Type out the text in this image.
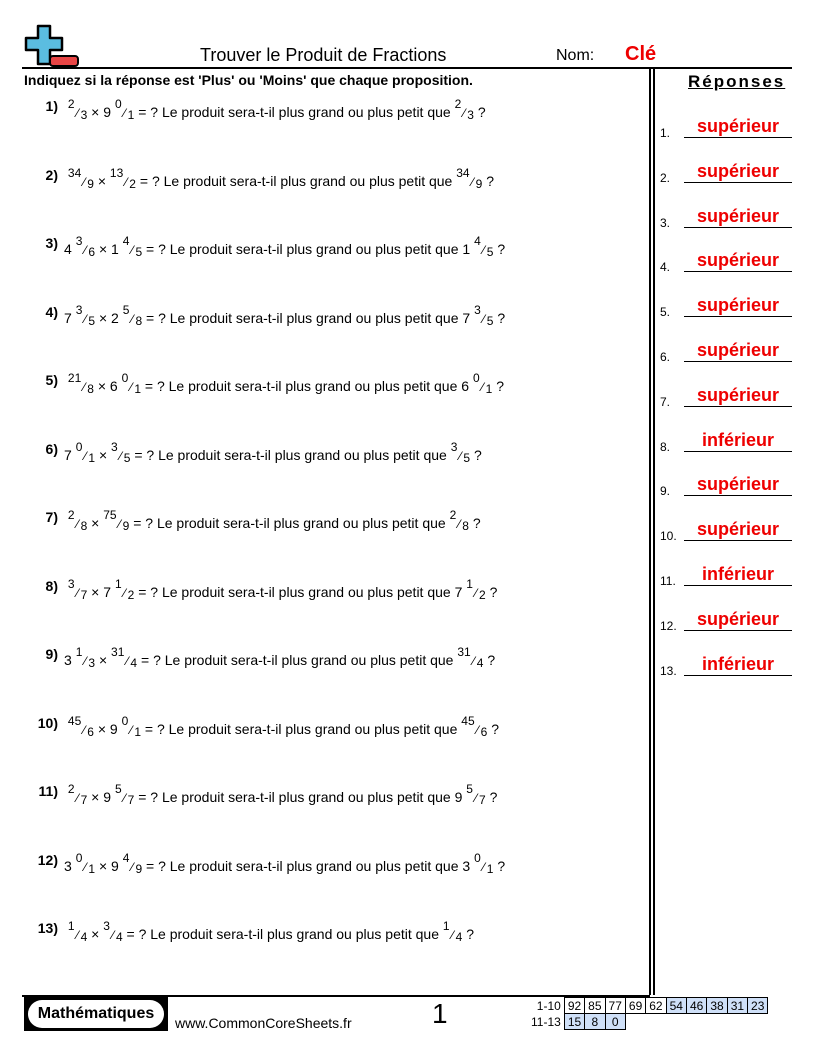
Trouver le Produit de Fractions	Nom: Clé
Indiquez si la réponse est 'Plus' ou 'Moins' que chaque proposition.	Réponses
1) $^2$⁄ $_3$ × 9 $^0$⁄ $_1$ = ? Le produit sera-t-il plus grand ou plus petit que $^2$⁄ $_3$ ?
2) $^{34}$⁄ $_9$ × $^{13}$⁄ $_2$ = ? Le produit sera-t-il plus grand ou plus petit que $^{34}$⁄ $_9$ ?
3) 4 $^3$⁄ $_6$ × 1 $^4$⁄ $_5$ = ? Le produit sera-t-il plus grand ou plus petit que 1 $^4$⁄ $_5$ ?
4) 7 $^3$⁄ $_5$ × 2 $^5$⁄ $_8$ = ? Le produit sera-t-il plus grand ou plus petit que 7 $^3$⁄ $_5$ ?
5) $^{21}$⁄ $_8$ × 6 $^0$⁄ $_1$ = ? Le produit sera-t-il plus grand ou plus petit que 6 $^0$⁄ $_1$ ?
6) 7 $^0$⁄ $_1$ × $^3$⁄ $_5$ = ? Le produit sera-t-il plus grand ou plus petit que $^3$⁄ $_5$ ?
7) $^2$⁄ $_8$ × $^{75}$⁄ $_9$ = ? Le produit sera-t-il plus grand ou plus petit que $^2$⁄ $_8$ ?
8) $^3$⁄ $_7$ × 7 $^1$⁄ $_2$ = ? Le produit sera-t-il plus grand ou plus petit que 7 $^1$⁄ $_2$ ?
9) 3 $^1$⁄ $_3$ × $^{31}$⁄ $_4$ = ? Le produit sera-t-il plus grand ou plus petit que $^{31}$⁄ $_4$ ?
10) $^{45}$⁄ $_6$ × 9 $^0$⁄ $_1$ = ? Le produit sera-t-il plus grand ou plus petit que $^{45}$⁄ $_6$ ?
11) $^2$⁄ $_7$ × 9 $^5$⁄ $_7$ = ? Le produit sera-t-il plus grand ou plus petit que 9 $^5$⁄ $_7$ ?
12) 3 $^0$⁄ $_1$ × 9 $^4$⁄ $_9$ = ? Le produit sera-t-il plus grand ou plus petit que 3 $^0$⁄ $_1$ ?
13) $^1$⁄ $_4$ × $^3$⁄ $_4$ = ? Le produit sera-t-il plus grand ou plus petit que $^1$⁄ $_4$ ?
1.	supérieur
2.	supérieur
3.	supérieur
4.	supérieur
5.	supérieur
6.	supérieur
7.	supérieur
8.	inférieur
9.	supérieur
10.	supérieur
11.	inférieur
12.	supérieur
13.	inférieur
Mathématiques
www.CommonCoreSheets.fr	1	1-10	92	85	77	69	62	54	46	38	31	23
11-13	15	8	0							
